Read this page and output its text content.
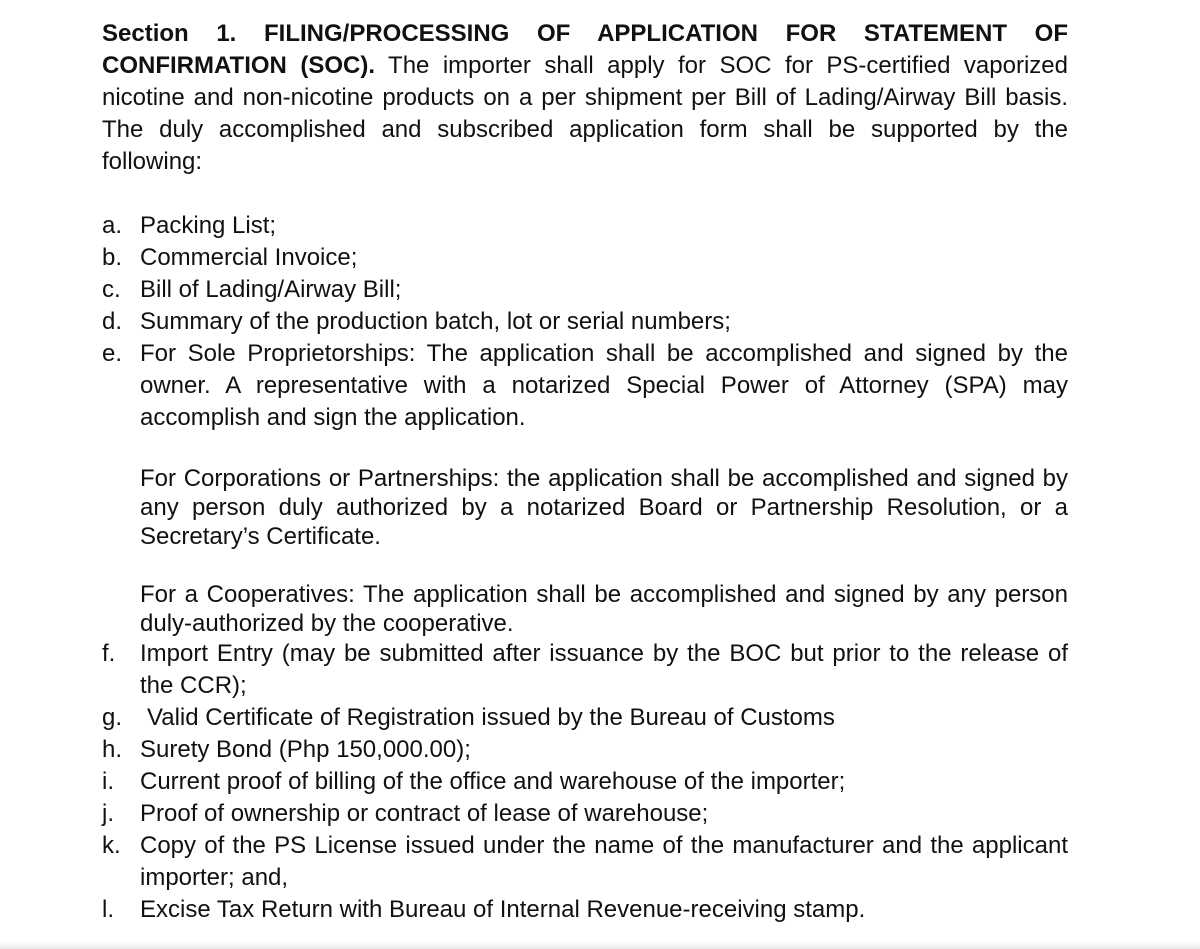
Section 1. FILING/PROCESSING OF APPLICATION FOR STATEMENT OF CONFIRMATION (SOC). The importer shall apply for SOC for PS-certified vaporized nicotine and non-nicotine products on a per shipment per Bill of Lading/Airway Bill basis. The duly accomplished and subscribed application form shall be supported by the following:

a. Packing List;
b. Commercial Invoice;
c. Bill of Lading/Airway Bill;
d. Summary of the production batch, lot or serial numbers;
e. For Sole Proprietorships: The application shall be accomplished and signed by the owner. A representative with a notarized Special Power of Attorney (SPA) may accomplish and sign the application.

For Corporations or Partnerships: the application shall be accomplished and signed by any person duly authorized by a notarized Board or Partnership Resolution, or a Secretary’s Certificate.

For a Cooperatives: The application shall be accomplished and signed by any person duly-authorized by the cooperative.

f. Import Entry (may be submitted after issuance by the BOC but prior to the release of the CCR);
g. Valid Certificate of Registration issued by the Bureau of Customs
h. Surety Bond (Php 150,000.00);
i. Current proof of billing of the office and warehouse of the importer;
j. Proof of ownership or contract of lease of warehouse;
k. Copy of the PS License issued under the name of the manufacturer and the applicant importer; and,
l. Excise Tax Return with Bureau of Internal Revenue-receiving stamp.
